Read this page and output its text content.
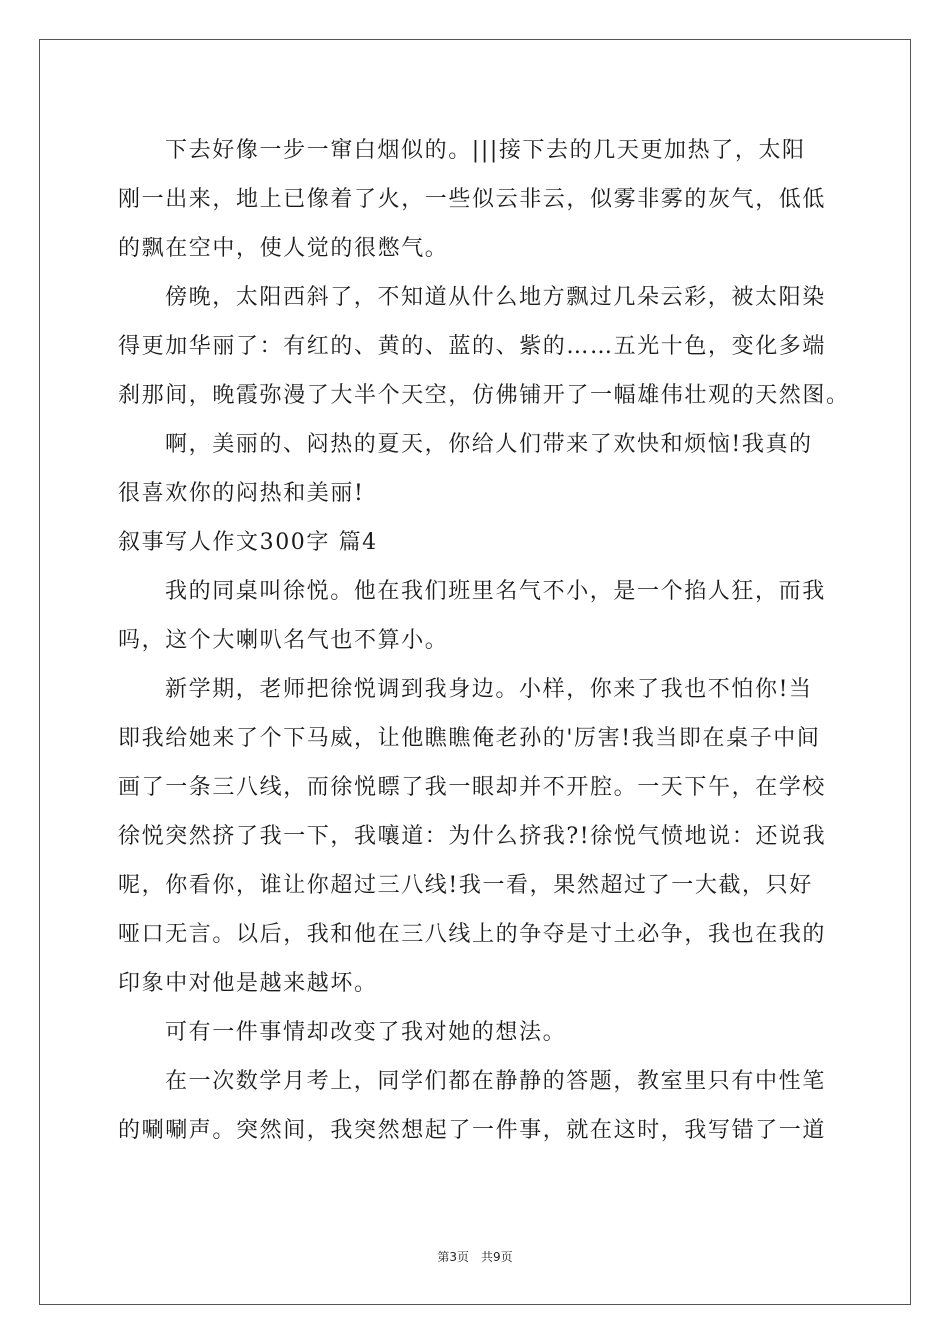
下去好像一步一窜白烟似的。|||接下去的几天更加热了，太阳
刚一出来，地上已像着了火，一些似云非云，似雾非雾的灰气，低低
的飘在空中，使人觉的很憋气。
傍晚，太阳西斜了，不知道从什么地方飘过几朵云彩，被太阳染
得更加华丽了：有红的、黄的、蓝的、紫的……五光十色，变化多端
刹那间，晚霞弥漫了大半个天空，仿佛铺开了一幅雄伟壮观的天然图。
啊，美丽的、闷热的夏天，你给人们带来了欢快和烦恼!我真的
很喜欢你的闷热和美丽!
叙事写人作文300字 篇4
我的同桌叫徐悦。他在我们班里名气不小，是一个掐人狂，而我
吗，这个大喇叭名气也不算小。
新学期，老师把徐悦调到我身边。小样，你来了我也不怕你!当
即我给她来了个下马威，让他瞧瞧俺老孙的'厉害!我当即在桌子中间
画了一条三八线，而徐悦瞟了我一眼却并不开腔。一天下午，在学校
徐悦突然挤了我一下，我嚷道：为什么挤我?!徐悦气愤地说：还说我
呢，你看你，谁让你超过三八线!我一看，果然超过了一大截，只好
哑口无言。以后，我和他在三八线上的争夺是寸土必争，我也在我的
印象中对他是越来越坏。
可有一件事情却改变了我对她的想法。
在一次数学月考上，同学们都在静静的答题，教室里只有中性笔
的唰唰声。突然间，我突然想起了一件事，就在这时，我写错了一道
第3页 共9页
